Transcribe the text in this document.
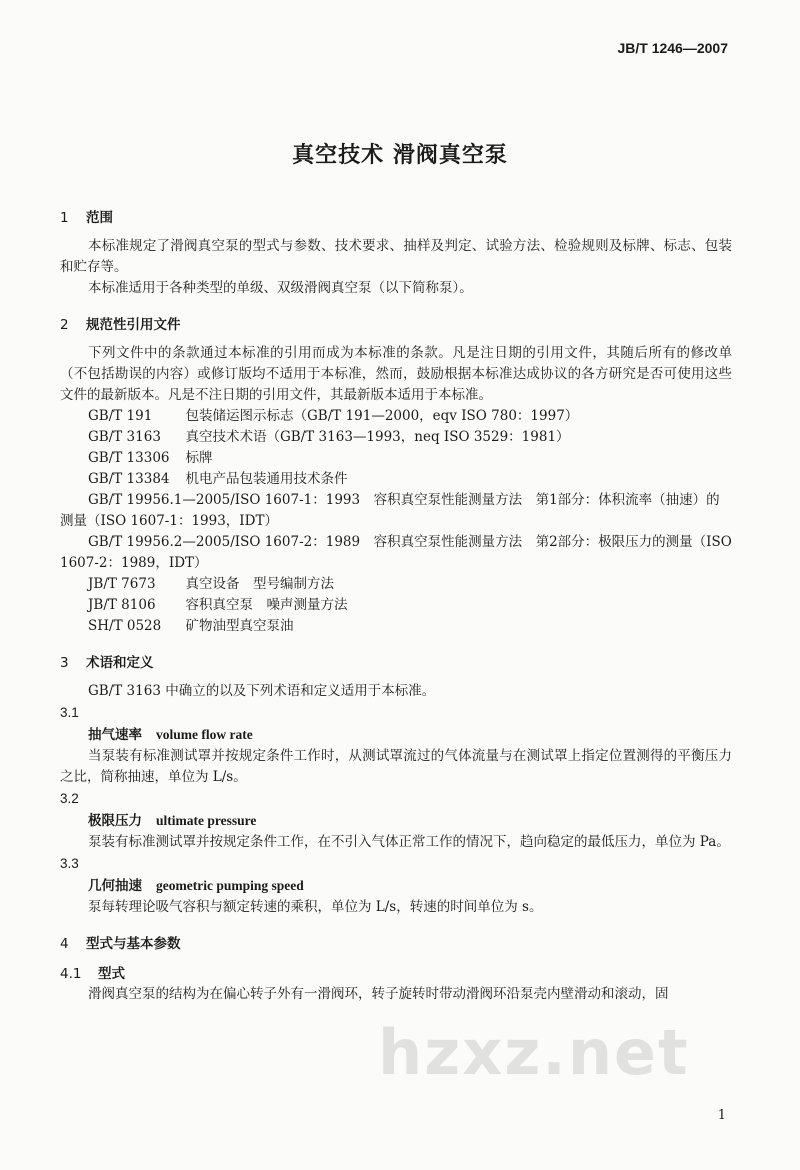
JB/T 1246—2007
真空技术 滑阀真空泵
1 范围

本标准规定了滑阀真空泵的型式与参数、技术要求、抽样及判定、试验方法、检验规则及标牌、标志、包装和贮存等。

本标准适用于各种类型的单级、双级滑阀真空泵（以下简称泵）。

2 规范性引用文件

下列文件中的条款通过本标准的引用而成为本标准的条款。凡是注日期的引用文件，其随后所有的修改单（不包括勘误的内容）或修订版均不适用于本标准，然而，鼓励根据本标准达成协议的各方研究是否可使用这些文件的最新版本。凡是不注日期的引用文件，其最新版本适用于本标准。

GB/T 191　 包装储运图示标志（GB/T 191—2000，eqv ISO 780：1997）
GB/T 3163　 真空技术术语（GB/T 3163—1993，neq ISO 3529：1981）
GB/T 13306　 标牌
GB/T 13384　 机电产品包装通用技术条件
GB/T 19956.1—2005/ISO 1607-1：1993　容积真空泵性能测量方法　第1部分：体积流率（抽速）的测量（ISO 1607-1：1993，IDT）
GB/T 19956.2—2005/ISO 1607-2：1989　容积真空泵性能测量方法　第2部分：极限压力的测量（ISO 1607-2：1989，IDT）
JB/T 7673　 真空设备　型号编制方法
JB/T 8106　 容积真空泵　噪声测量方法
SH/T 0528　 矿物油型真空泵油
3 术语和定义

GB/T 3163 中确立的以及下列术语和定义适用于本标准。

3.1
抽气速率 volume flow rate

当泵装有标准测试罩并按规定条件工作时，从测试罩流过的气体流量与在测试罩上指定位置测得的平衡压力之比，简称抽速，单位为 L/s。

3.2
极限压力 ultimate pressure

泵装有标准测试罩并按规定条件工作，在不引入气体正常工作的情况下，趋向稳定的最低压力，单位为 Pa。

3.3
几何抽速 geometric pumping speed

泵每转理论吸气容积与额定转速的乘积，单位为 L/s，转速的时间单位为 s。

4 型式与基本参数
4.1 型式

滑阀真空泵的结构为在偏心转子外有一滑阀环，转子旋转时带动滑阀环沿泵壳内壁滑动和滚动，固

hzxz.net
1
